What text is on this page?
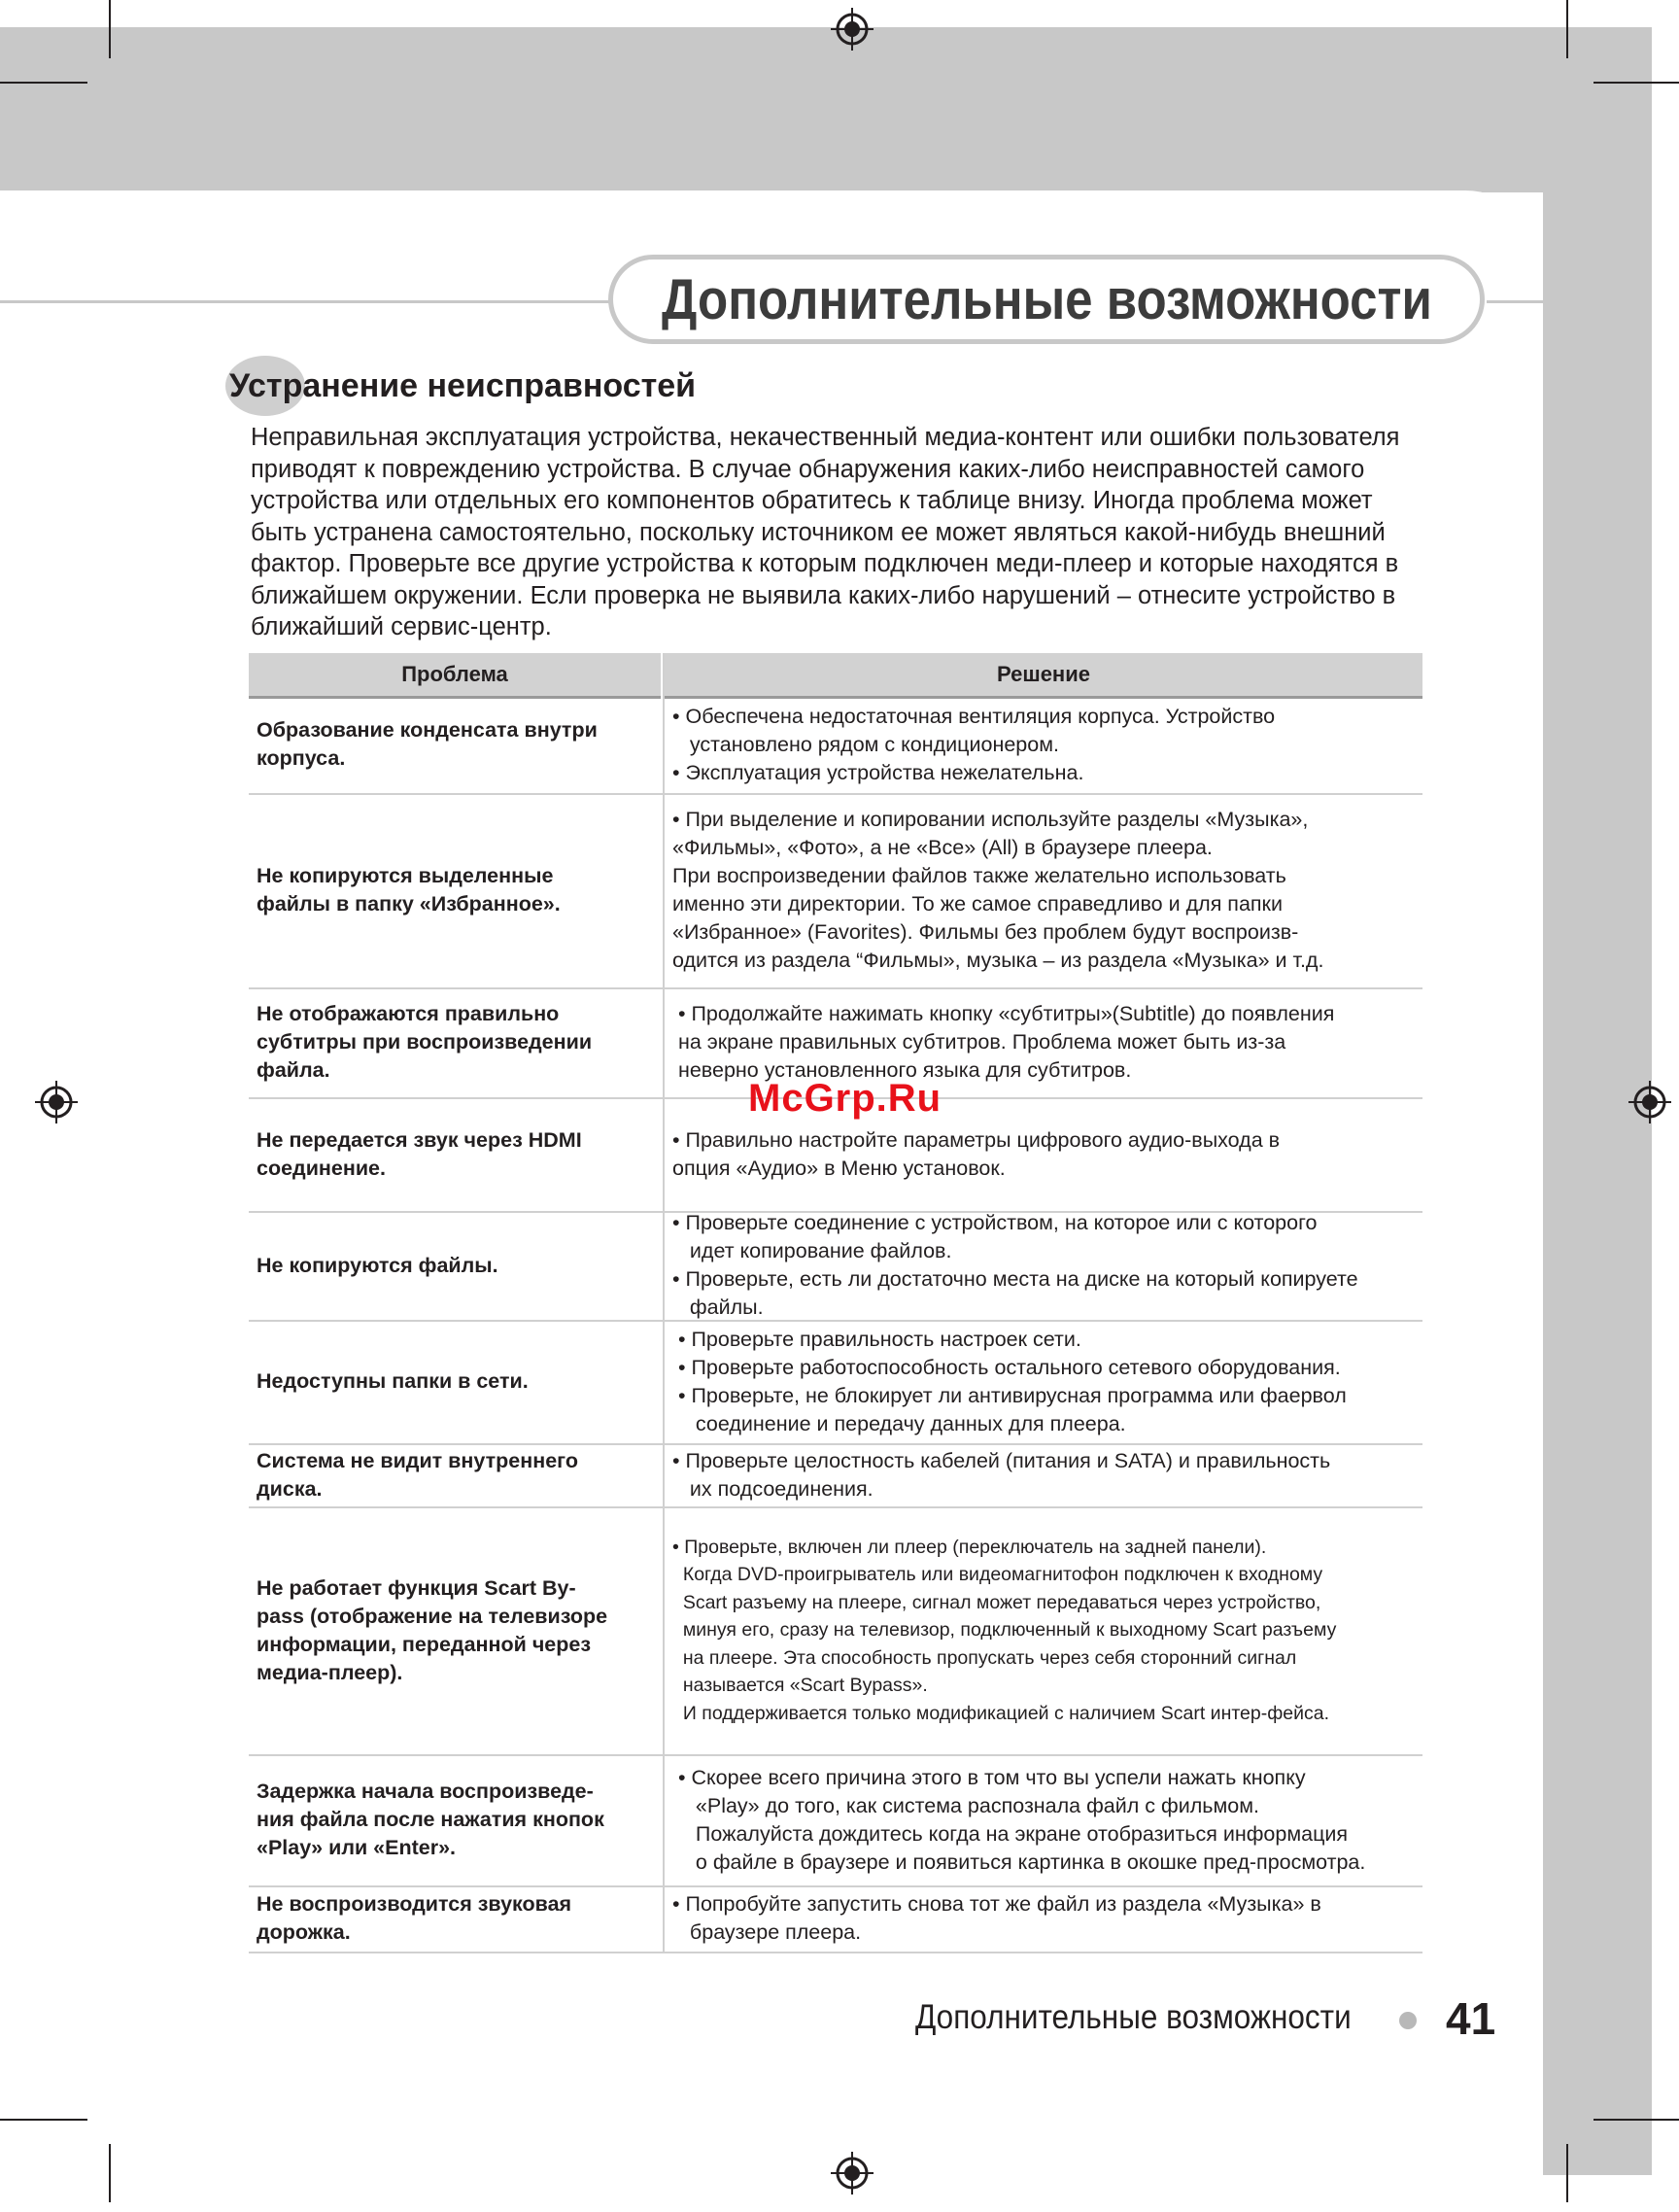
Дополнительные возможности
Устранение неисправностей

Неправильная эксплуатация устройства, некачественный медиа-контент или ошибки пользователя

приводят к повреждению устройства. В случае обнаружения каких-либо неисправностей самого

устройства или отдельных его компонентов обратитесь к таблице внизу. Иногда проблема может

быть устранена самостоятельно, поскольку источником ее может являться какой-нибудь внешний

фактор. Проверьте все другие устройства к которым подключен меди-плеер и которые находятся в

ближайшем окружении. Если проверка не выявила каких-либо нарушений – отнесите устройство в

ближайший сервис-центр.

Проблема	Решение
Образование конденсата внутри
корпуса.
• Обеспечена недостаточная вентиляция корпуса. Устройство
установлено рядом с кондиционером.
• Эксплуатация устройства нежелательна.
Не копируются выделенные
файлы в папку «Избранное».
• При выделение и копировании используйте разделы «Музыка»,
«Фильмы», «Фото», а не «Все» (All) в браузере плеера.
При воспроизведении файлов также желательно использовать
именно эти директории. То же самое справедливо и для папки
«Избранное» (Favorites). Фильмы без проблем будут воспроизв-
одится из раздела “Фильмы», музыка – из раздела «Музыка» и т.д.
Не отображаются правильно
субтитры при воспроизведении
файла.
• Продолжайте нажимать кнопку «субтитры»(Subtitle) до появления
на экране правильных субтитров. Проблема может быть из-за
неверно установленного языка для субтитров.
Не передается звук через HDMI
соединение.
• Правильно настройте параметры цифрового аудио-выхода в
опция «Аудио» в Меню установок.
Не копируются файлы.
• Проверьте соединение с устройством, на которое или с которого
идет копирование файлов.
• Проверьте, есть ли достаточно места на диске на который копируете
файлы.
Недоступны папки в сети.
• Проверьте правильность настроек сети.
• Проверьте работоспособность остального сетевого оборудования.
• Проверьте, не блокирует ли антивирусная программа или фаервол
соединение и передачу данных для плеера.
Система не видит внутреннего
диска.
• Проверьте целостность кабелей (питания и SATA) и правильность
их подсоединения.
Не работает функция Scart By-
pass (отображение на телевизоре
информации, переданной через
медиа-плеер).
• Проверьте, включен ли плеер (переключатель на задней панели).
Когда DVD-проигрыватель или видеомагнитофон подключен к входному
Scart разъему на плеере, сигнал может передаваться через устройство,
минуя его, сразу на телевизор, подключенный к выходному Scart разъему
на плеере. Эта способность пропускать через себя сторонний сигнал
называется «Scart Bypass».
И поддерживается только модификацией с наличием Scart интер-фейса.
Задержка начала воспроизведе-
ния файла после нажатия кнопок
«Play» или «Enter».
• Скорее всего причина этого в том что вы успели нажать кнопку
«Play» до того, как система распознала файл с фильмом.
Пожалуйста дождитесь когда на экране отобразиться информация
о файле в браузере и появиться картинка в окошке пред-просмотра.
Не воспроизводится звуковая
дорожка.
• Попробуйте запустить снова тот же файл из раздела «Музыка» в
браузере плеера.
McGrp.Ru
Дополнительные возможности 41
